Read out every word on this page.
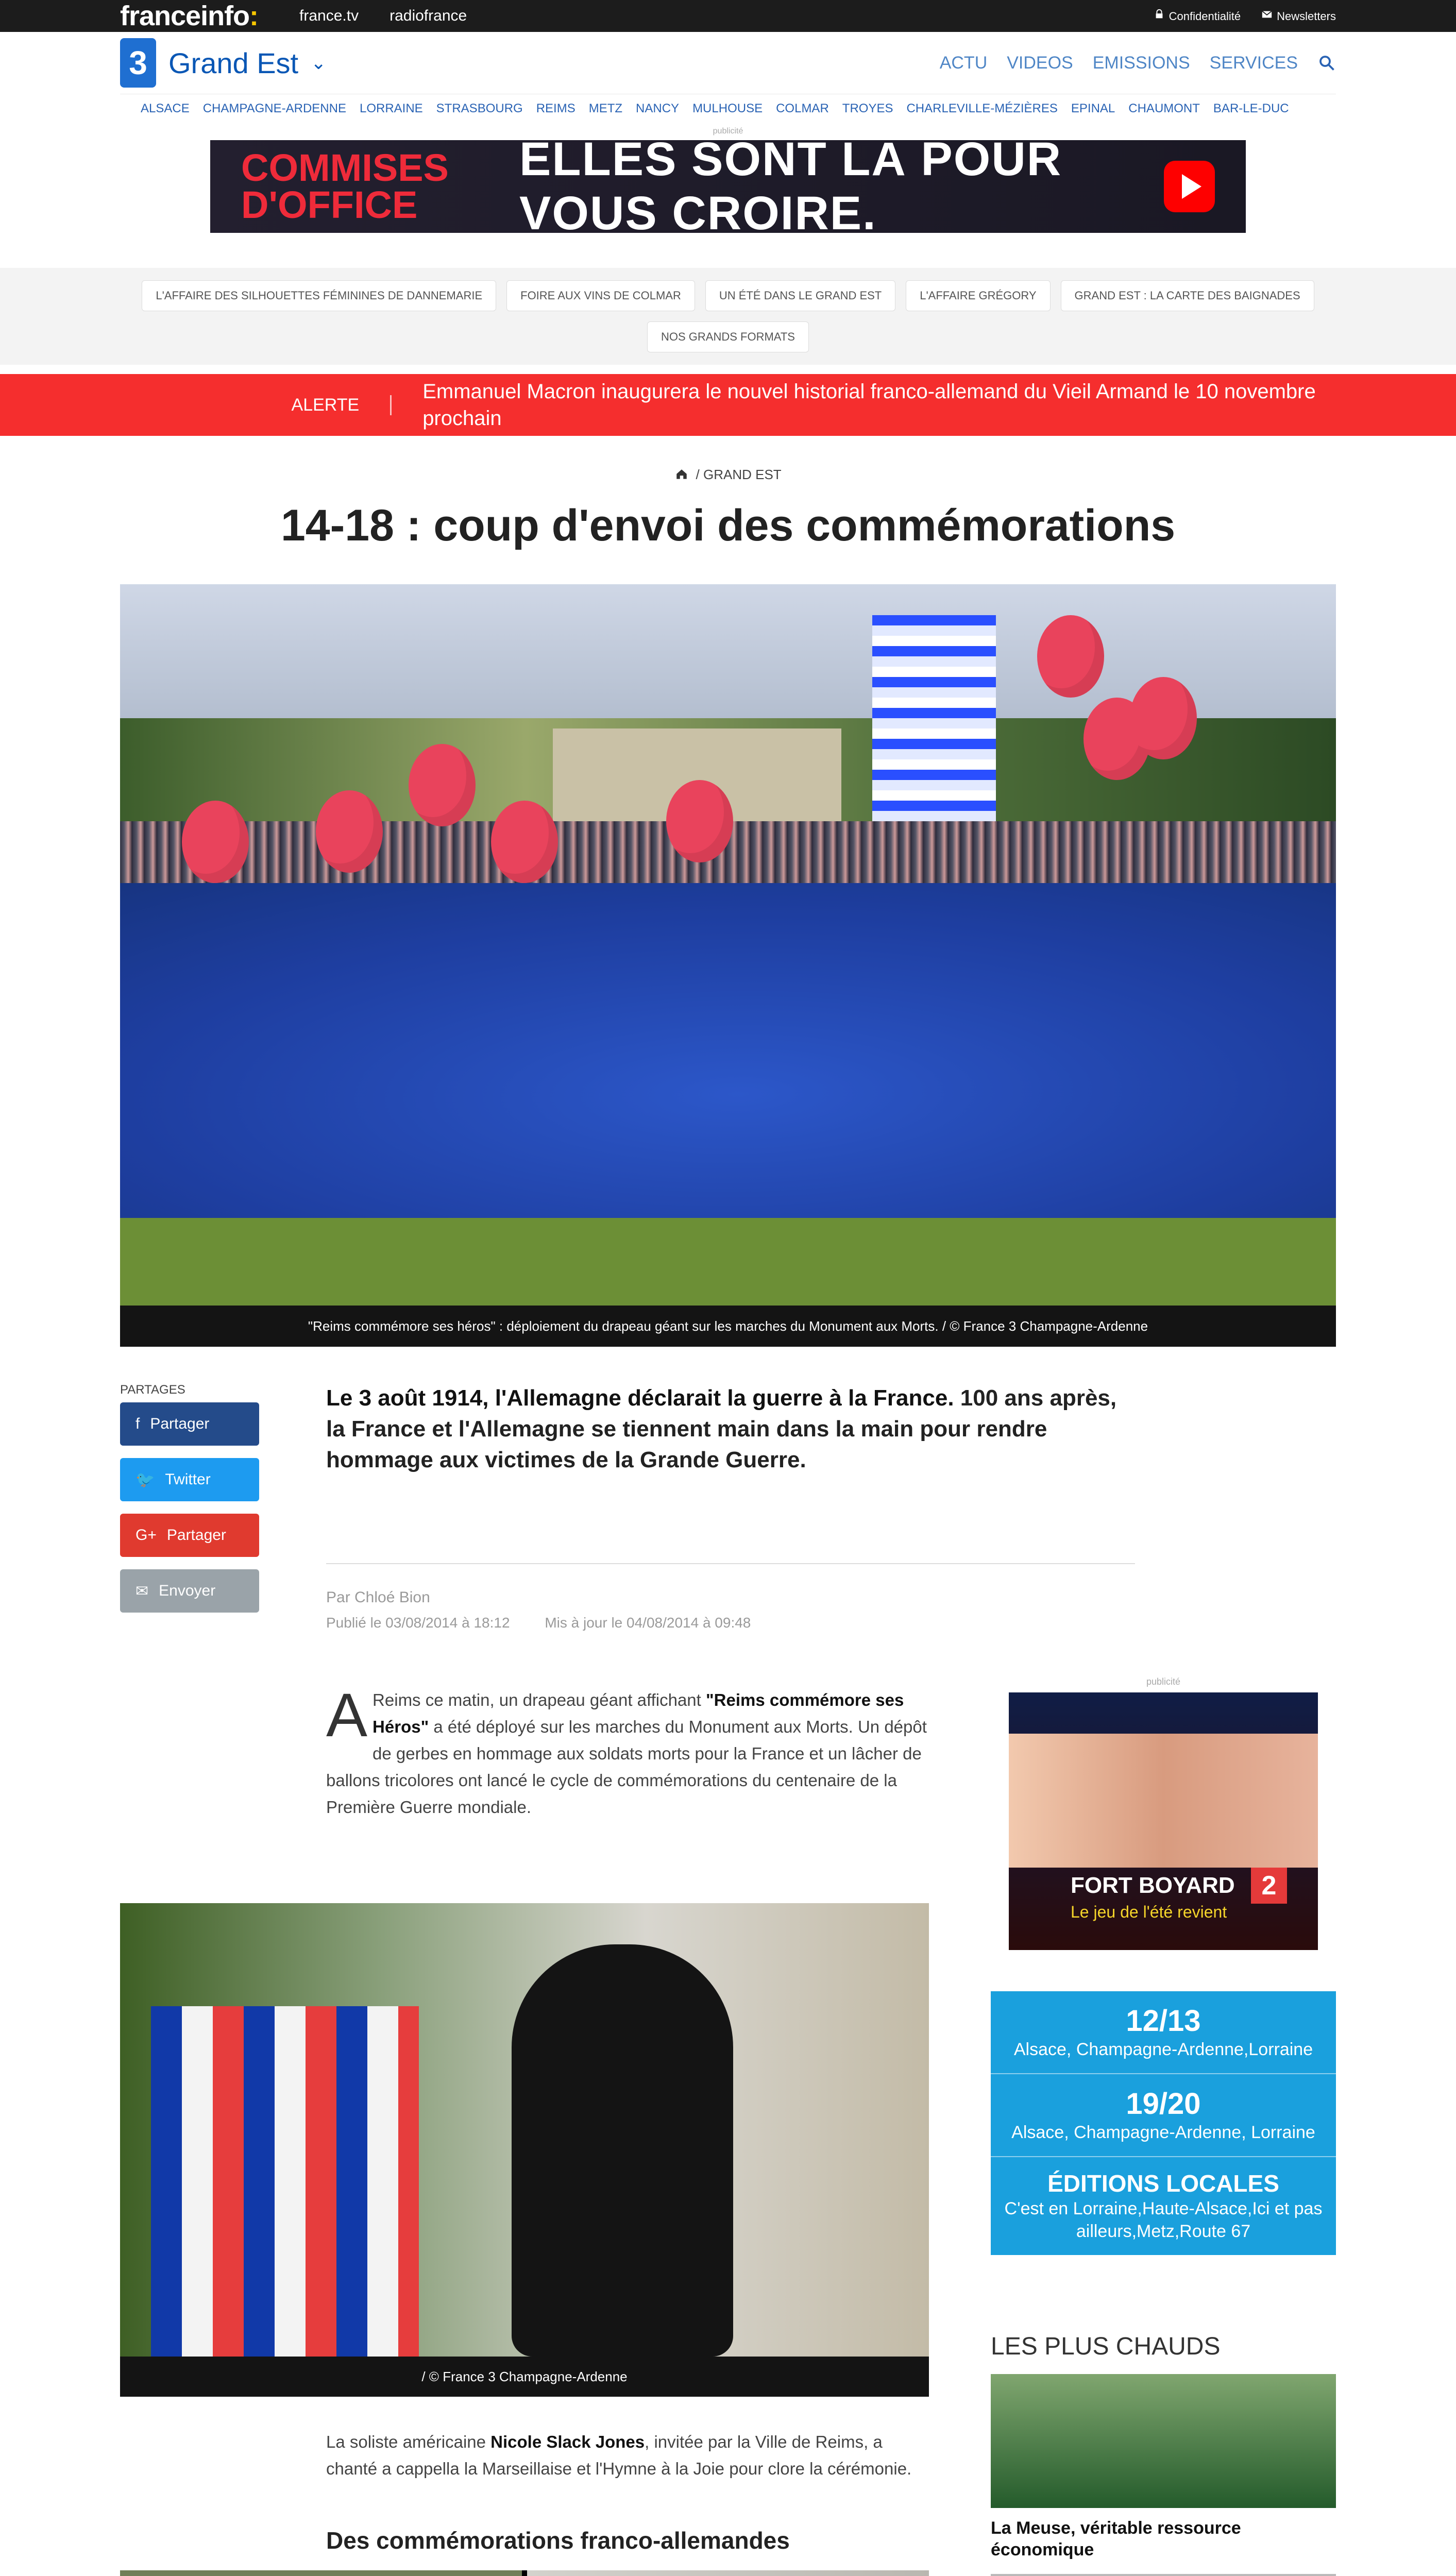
franceinfo:	france.tv radiofrance	Confidentialité	Newsletters
3 Grand Est ⌄	ACTU VIDEOS EMISSIONS SERVICES
ALSACE CHAMPAGNE-ARDENNE LORRAINE STRASBOURG REIMS METZ NANCY MULHOUSE COLMAR TROYES CHARLEVILLE-MÉZIÈRES EPINAL CHAUMONT BAR-LE-DUC
publicité
COMMISES D'OFFICE
ELLES SONT LÀ POUR VOUS CROIRE.
L'AFFAIRE DES SILHOUETTES FÉMININES DE DANNEMARIE	FOIRE AUX VINS DE COLMAR	UN ÉTÉ DANS LE GRAND EST	L'AFFAIRE GRÉGORY	GRAND EST : LA CARTE DES BAIGNADES
NOS GRANDS FORMATS
ALERTE
Emmanuel Macron inaugurera le nouvel historial franco-allemand du Vieil Armand le 10 novembre prochain
/ GRAND EST
14-18 : coup d'envoi des commémorations
"Reims commémore ses héros" : déploiement du drapeau géant sur les marches du Monument aux Morts. / © France 3 Champagne-Ardenne
PARTAGES
f Partager
🐦 Twitter
G+ Partager
✉ Envoyer
Le 3 août 1914, l'Allemagne déclarait la guerre à la France. 100 ans après, la France et l'Allemagne se tiennent main dans la main pour rendre hommage aux victimes de la Grande Guerre.
Par Chloé Bion
Publié le 03/08/2014 à 18:12 Mis à jour le 04/08/2014 à 09:48
A Reims ce matin, un drapeau géant affichant "Reims commémore ses Héros" a été déployé sur les marches du Monument aux Morts. Un dépôt de gerbes en hommage aux soldats morts pour la France et un lâcher de ballons tricolores ont lancé le cycle de commémorations du centenaire de la Première Guerre mondiale.
/ © France 3 Champagne-Ardenne
La soliste américaine Nicole Slack Jones, invitée par la Ville de Reims, a chanté a cappella la Marseillaise et l'Hymne à la Joie pour clore la cérémonie.
Des commémorations franco-allemandes
publicité
FORT BOYARD 2
Le jeu de l'été revient
12/13
Alsace, Champagne-Ardenne,Lorraine
19/20
Alsace, Champagne-Ardenne, Lorraine
ÉDITIONS LOCALES
C'est en Lorraine,Haute-Alsace,Ici et pas ailleurs,Metz,Route 67
LES PLUS CHAUDS
La Meuse, véritable ressource économique
